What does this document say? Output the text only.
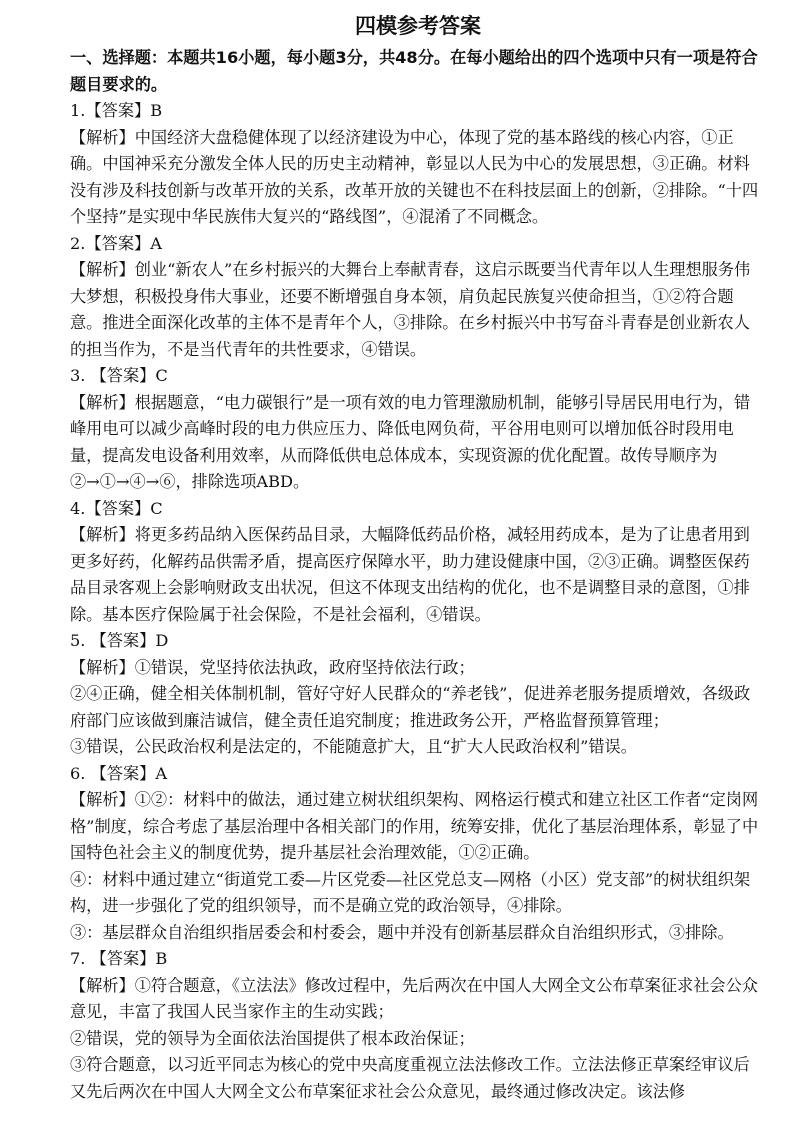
四模参考答案
一、选择题：本题共16小题，每小题3分，共48分。在每小题给出的四个选项中只有一项是符合题目要求的。

1.【答案】B

【解析】中国经济大盘稳健体现了以经济建设为中心，体现了党的基本路线的核心内容，①正确。中国神采充分激发全体人民的历史主动精神，彰显以人民为中心的发展思想，③正确。材料没有涉及科技创新与改革开放的关系，改革开放的关键也不在科技层面上的创新，②排除。“十四个坚持”是实现中华民族伟大复兴的“路线图”，④混淆了不同概念。

2.【答案】A

【解析】创业“新农人”在乡村振兴的大舞台上奉献青春，这启示既要当代青年以人生理想服务伟大梦想，积极投身伟大事业，还要不断增强自身本领，肩负起民族复兴使命担当，①②符合题意。推进全面深化改革的主体不是青年个人，③排除。在乡村振兴中书写奋斗青春是创业新农人的担当作为，不是当代青年的共性要求，④错误。

3. 【答案】C

【解析】根据题意，“电力碳银行”是一项有效的电力管理激励机制，能够引导居民用电行为，错峰用电可以减少高峰时段的电力供应压力、降低电网负荷，平谷用电则可以增加低谷时段用电量，提高发电设备利用效率，从而降低供电总体成本，实现资源的优化配置。故传导顺序为②→①→④→⑥，排除选项ABD。

4.【答案】C

【解析】将更多药品纳入医保药品目录，大幅降低药品价格，减轻用药成本，是为了让患者用到更多好药，化解药品供需矛盾，提高医疗保障水平，助力建设健康中国，②③正确。调整医保药品目录客观上会影响财政支出状况，但这不体现支出结构的优化，也不是调整目录的意图，①排除。基本医疗保险属于社会保险，不是社会福利，④错误。

5. 【答案】D

【解析】①错误，党坚持依法执政，政府坚持依法行政；

②④正确，健全相关体制机制，管好守好人民群众的“养老钱”，促进养老服务提质增效，各级政府部门应该做到廉洁诚信，健全责任追究制度；推进政务公开，严格监督预算管理；

③错误，公民政治权利是法定的，不能随意扩大，且“扩大人民政治权利”错误。

6. 【答案】A

【解析】①②：材料中的做法，通过建立树状组织架构、网格运行模式和建立社区工作者“定岗网格”制度，综合考虑了基层治理中各相关部门的作用，统筹安排，优化了基层治理体系，彰显了中国特色社会主义的制度优势，提升基层社会治理效能，①②正确。

④：材料中通过建立“街道党工委—片区党委—社区党总支—网格（小区）党支部”的树状组织架构，进一步强化了党的组织领导，而不是确立党的政治领导，④排除。

③：基层群众自治组织指居委会和村委会，题中并没有创新基层群众自治组织形式，③排除。

7. 【答案】B

【解析】①符合题意，《立法法》修改过程中，先后两次在中国人大网全文公布草案征求社会公众意见，丰富了我国人民当家作主的生动实践；

②错误，党的领导为全面依法治国提供了根本政治保证；

③符合题意，以习近平同志为核心的党中央高度重视立法法修改工作。立法法修正草案经审议后又先后两次在中国人大网全文公布草案征求社会公众意见，最终通过修改决定。该法修
